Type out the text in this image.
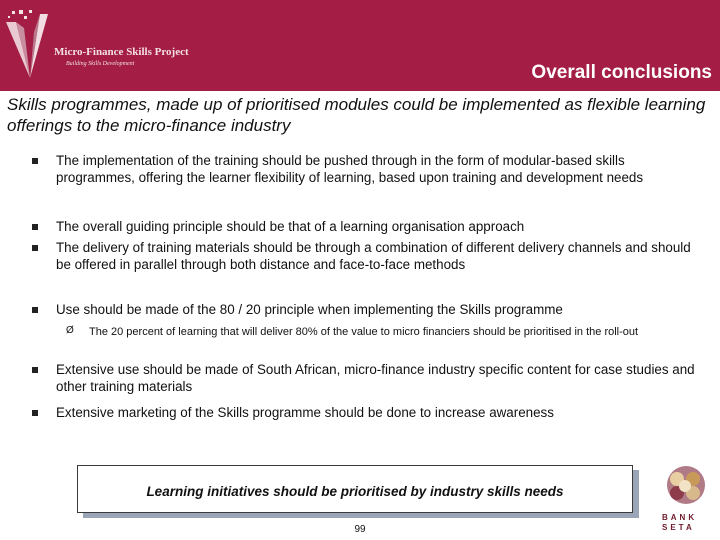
Micro-Finance Skills Project
Building Skills Development	Overall conclusions
Skills programmes, made up of prioritised modules could be implemented as flexible learning offerings to the micro-finance industry
The implementation of the training should be pushed through in the form of modular-based skills programmes, offering the learner flexibility of learning, based upon training and development needs
The overall guiding principle should be that of a learning organisation approach
The delivery of training materials should be through a combination of different delivery channels and should be offered in parallel through both distance and face-to-face methods
Use should be made of the 80 / 20 principle when implementing the Skills programme
Ø The 20 percent of learning that will deliver 80% of the value to micro financiers should be prioritised in the roll-out
Extensive use should be made of South African, micro-finance industry specific content for case studies and other training materials
Extensive marketing of the Skills programme should be done to increase awareness
Learning initiatives should be prioritised by industry skills needs
99
BANK
SETA
